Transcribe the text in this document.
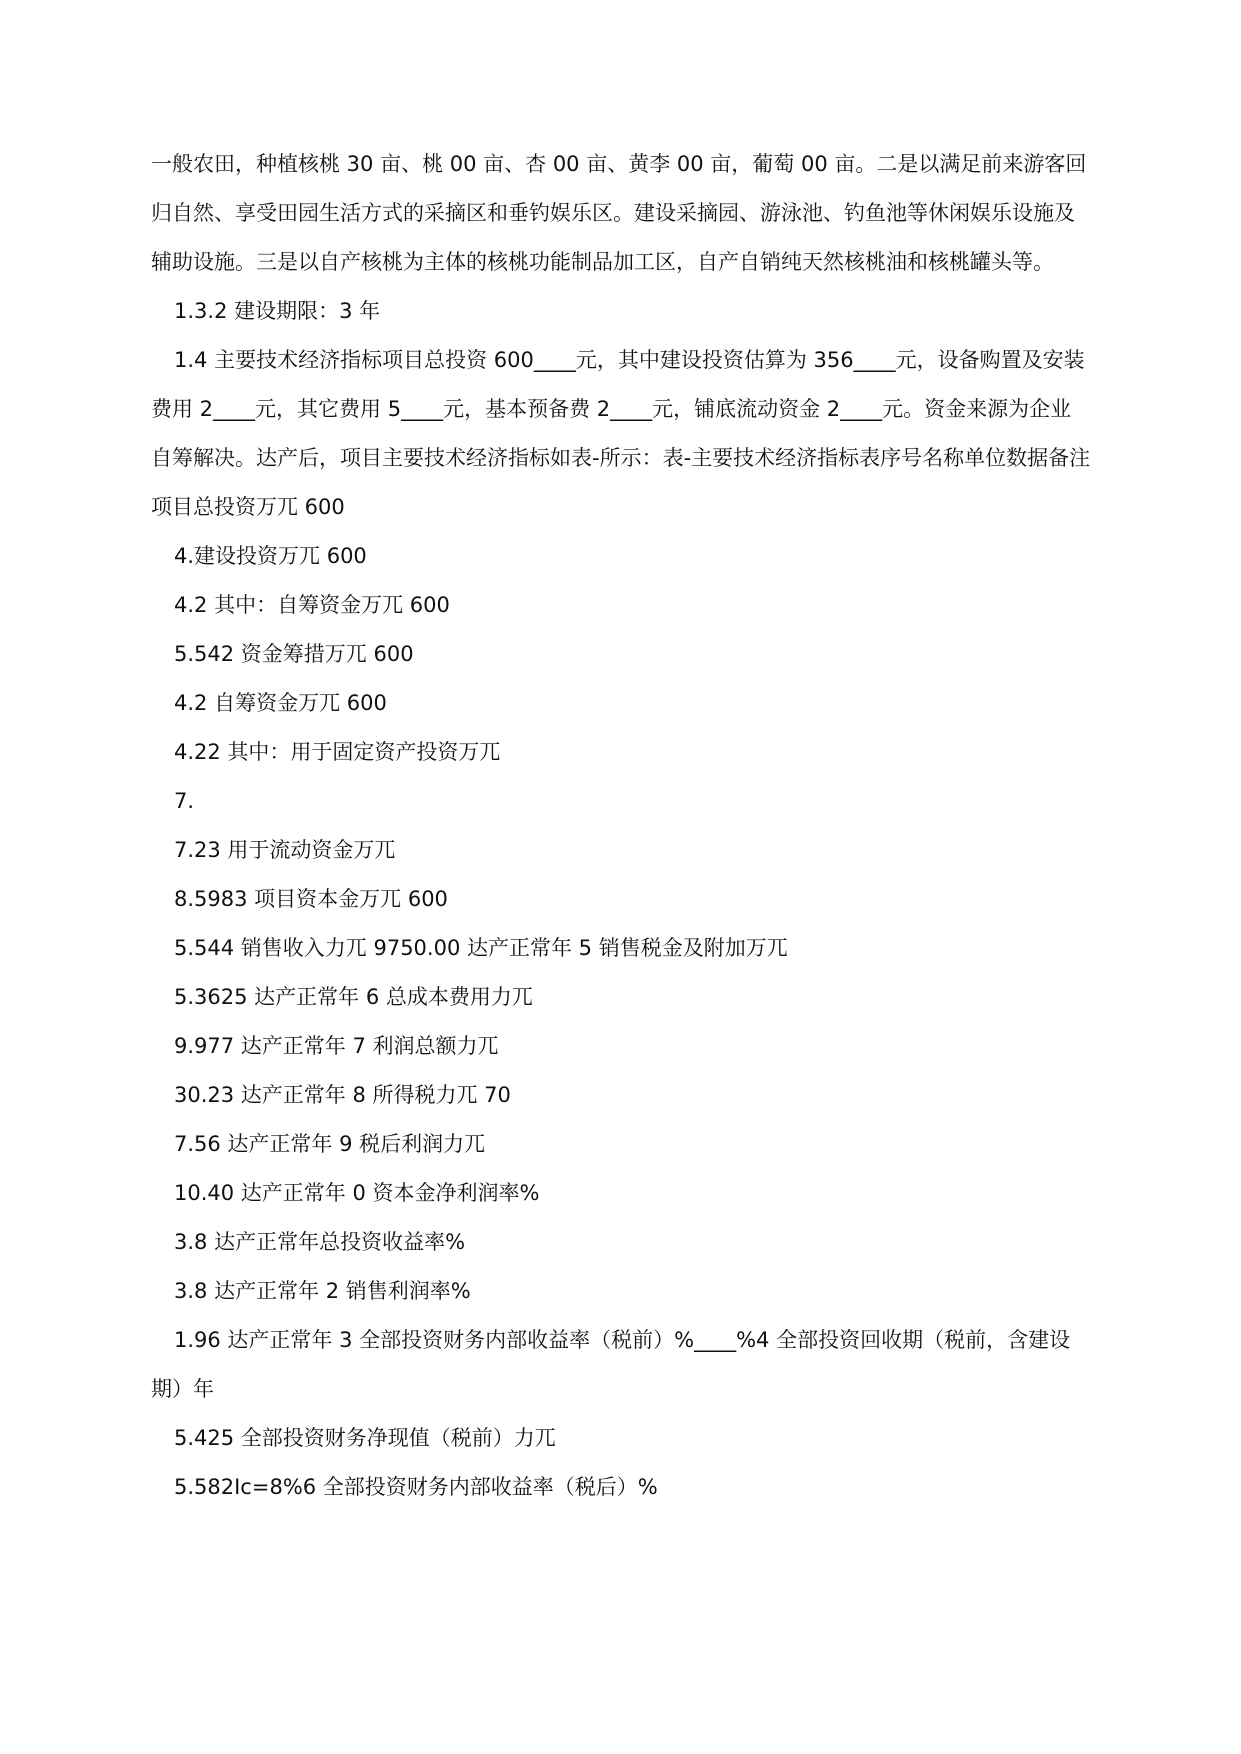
一般农田，种植核桃 30 亩、桃 00 亩、杏 00 亩、黄李 00 亩，葡萄 00 亩。二是以满足前来游客回归自然、享受田园生活方式的采摘区和垂钓娱乐区。建设采摘园、游泳池、钓鱼池等休闲娱乐设施及辅助设施。三是以自产核桃为主体的核桃功能制品加工区，自产自销纯天然核桃油和核桃罐头等。

1.3.2 建设期限：3 年

1.4 主要技术经济指标项目总投资 600____元，其中建设投资估算为 356____元，设备购置及安装费用 2____元，其它费用 5____元，基本预备费 2____元，铺底流动资金 2____元。资金来源为企业自筹解决。达产后，项目主要技术经济指标如表-所示：表-主要技术经济指标表序号名称单位数据备注项目总投资万兀 600

4.建设投资万兀 600

4.2 其中：自筹资金万兀 600

5.542 资金筹措万兀 600

4.2 自筹资金万兀 600

4.22 其中：用于固定资产投资万兀

7.

7.23 用于流动资金万兀

8.5983 项目资本金万兀 600

5.544 销售收入力兀 9750.00 达产正常年 5 销售税金及附加万兀

5.3625 达产正常年 6 总成本费用力兀

9.977 达产正常年 7 利润总额力兀

30.23 达产正常年 8 所得税力兀 70

7.56 达产正常年 9 税后利润力兀

10.40 达产正常年 0 资本金净利润率%

3.8 达产正常年总投资收益率%

3.8 达产正常年 2 销售利润率%

1.96 达产正常年 3 全部投资财务内部收益率（税前）%____%4 全部投资回收期（税前，含建设期）年

5.425 全部投资财务净现值（税前）力兀

5.582Ic=8%6 全部投资财务内部收益率（税后）%
